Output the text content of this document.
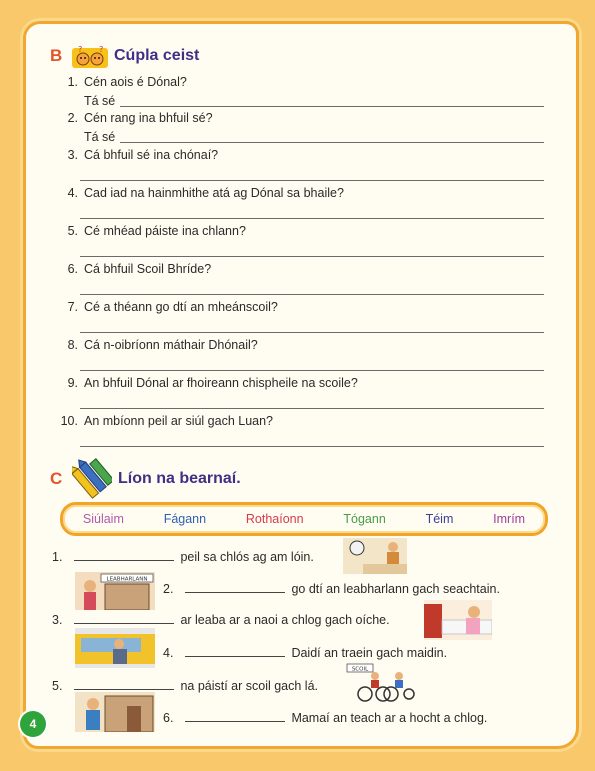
B	? ? Cúpla ceist
1. Cén aois é Dónal?
Tá sé
2. Cén rang ina bhfuil sé?
Tá sé
3. Cá bhfuil sé ina chónaí?
4. Cad iad na hainmhithe atá ag Dónal sa bhaile?
5. Cé mhéad páiste ina chlann?
6. Cá bhfuil Scoil Bhríde?
7. Cé a théann go dtí an mheánscoil?
8. Cá n-oibríonn máthair Dhónail?
9. An bhfuil Dónal ar fhoireann chispheile na scoile?
10. An mbíonn peil ar siúl gach Luan?
C	Líon na bearnaí.
Siúlaim	Fágann	Rothaíonn	Tógann	Téim	Imrím
1.	peil sa chlós ag am lóin.
LEABHARLANN
2.	go dtí an leabharlann gach seachtain.
3.	ar leaba ar a naoi a chlog gach oíche.
4.	Daidí an traein gach maidin.
5.	na páistí ar scoil gach lá.
SCOIL
6.	Mamaí an teach ar a hocht a chlog.
4
